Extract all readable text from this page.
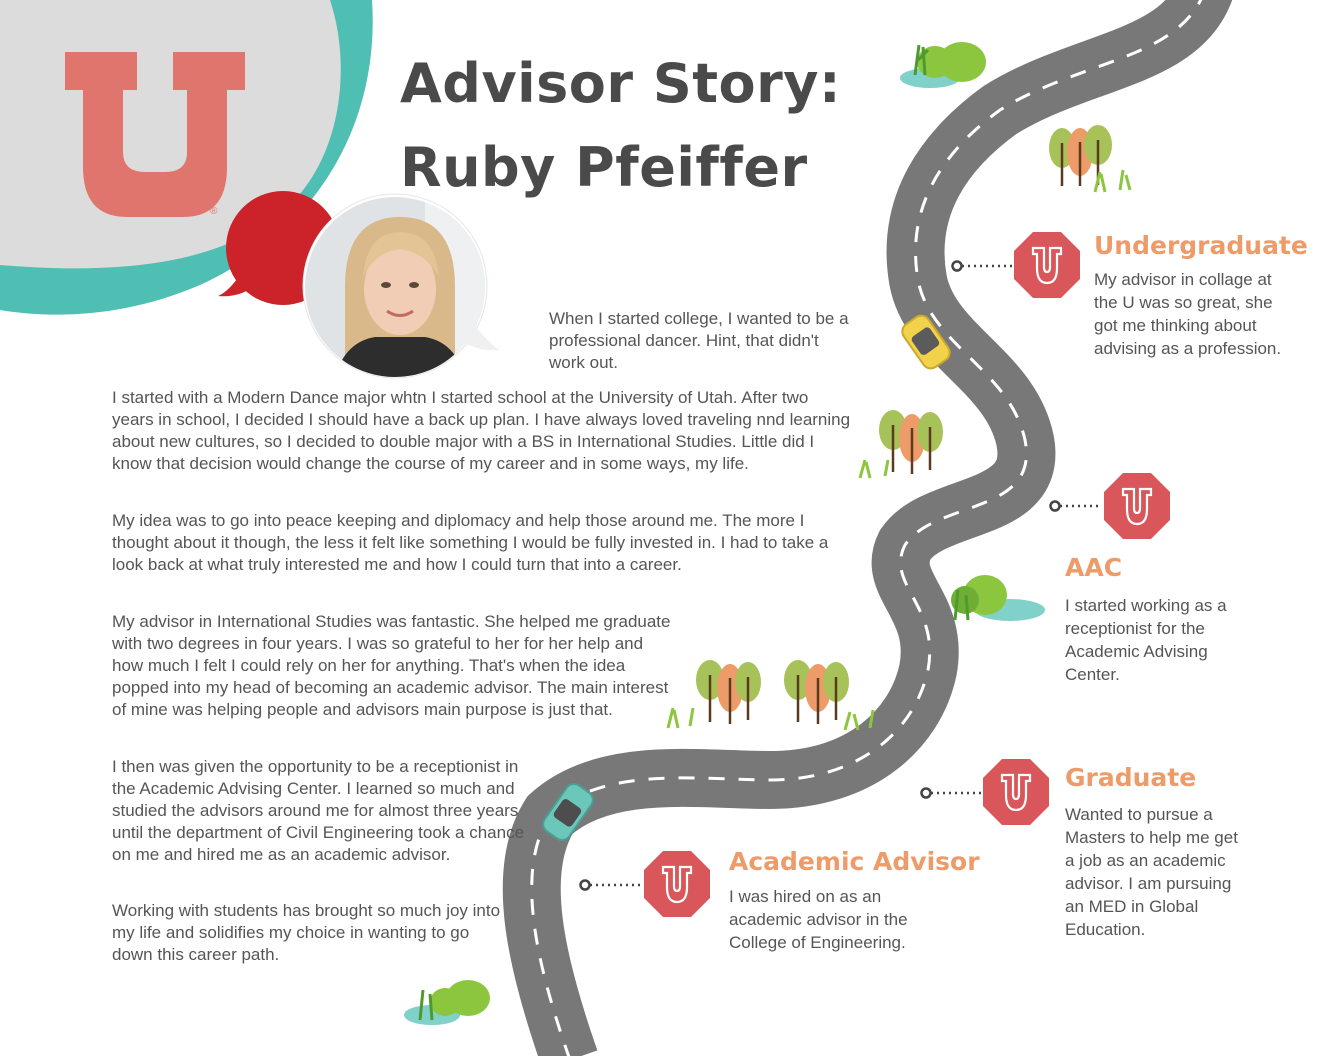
Advisor Story:
Ruby Pfeiffer
When I started college, I wanted to be a professional dancer. Hint, that didn't work out.

I started with a Modern Dance major whtn I started school at the University of Utah. After two years in school, I decided I should have a back up plan. I have always loved traveling nnd learning about new cultures, so I decided to double major with a BS in International Studies. Little did I know that decision would change the course of my career and in some ways, my life.

My idea was to go into peace keeping and diplomacy and help those around me. The more I thought about it though, the less it felt like something I would be fully invested in. I had to take a look back at what truly interested me and how I could turn that into a career.

My advisor in International Studies was fantastic. She helped me graduate with two degrees in four years. I was so grateful to her for her help and how much I felt I could rely on her for anything. That's when the idea popped into my head of becoming an academic advisor. The main interest of mine was helping people and advisors main purpose is just that.

I then was given the opportunity to be a receptionist in the Academic Advising Center. I learned so much and studied the advisors around me for almost three years until the department of Civil Engineering took a chance on me and hired me as an academic advisor.

Working with students has brought so much joy into my life and solidifies my choice in wanting to go down this career path.

Undergraduate
My advisor in collage at the U was so great, she got me thinking about advising as a profession.
AAC
I started working as a receptionist for the Academic Advising Center.
Graduate
Wanted to pursue a Masters to help me get a job as an academic advisor. I am pursuing an MED in Global Education.
Academic Advisor
I was hired on as an academic advisor in the College of Engineering.
®
